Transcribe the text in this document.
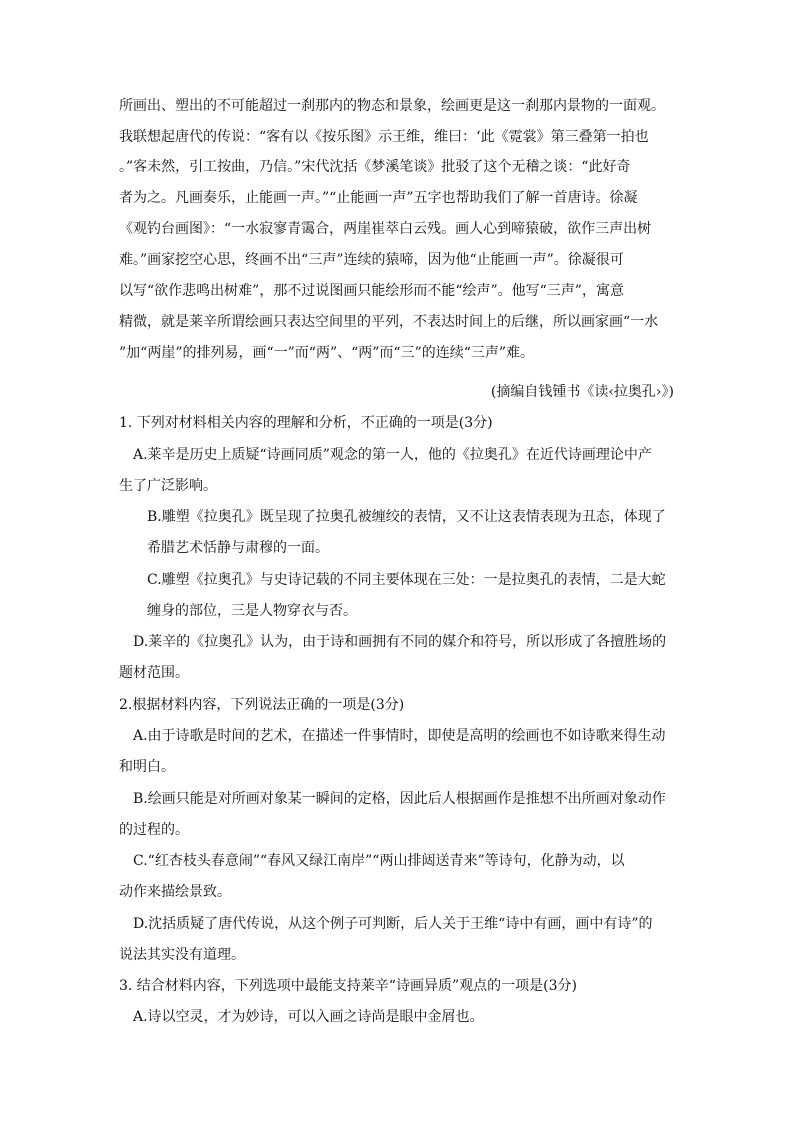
所画出、塑出的不可能超过一刹那内的物态和景象，绘画更是这一刹那内景物的一面观。
我联想起唐代的传说：“客有以《按乐图》示王维，维曰：‘此《霓裳》第三叠第一拍也
。”客未然，引工按曲，乃信。”宋代沈括《梦溪笔谈》批驳了这个无稽之谈：“此好奇
者为之。凡画奏乐，止能画一声。”“止能画一声”五字也帮助我们了解一首唐诗。徐凝
《观钓台画图》：“一水寂寥青霭合，两崖崔萃白云残。画人心到啼猿破，欲作三声出树
难。”画家挖空心思，终画不出“三声”连续的猿啼，因为他“止能画一声”。徐凝很可
以写“欲作悲鸣出树难”，那不过说图画只能绘形而不能“绘声”。他写“三声”，寓意
精微，就是莱辛所谓绘画只表达空间里的平列，不表达时间上的后继，所以画家画“一水
”加“两崖”的排列易，画“一”而“两”、“两”而“三”的连续“三声”难。
(摘编自钱锺书《读‹拉奥孔›》)
1. 下列对材料相关内容的理解和分析，不正确的一项是(3分)
A.莱辛是历史上质疑“诗画同质”观念的第一人，他的《拉奥孔》在近代诗画理论中产
生了广泛影响。
B.雕塑《拉奥孔》既呈现了拉奥孔被缠绞的表情，又不让这表情表现为丑态，体现了
希腊艺术恬静与肃穆的一面。
C.雕塑《拉奥孔》与史诗记载的不同主要体现在三处：一是拉奥孔的表情，二是大蛇
缠身的部位，三是人物穿衣与否。
D.莱辛的《拉奥孔》认为，由于诗和画拥有不同的媒介和符号，所以形成了各擅胜场的
题材范围。
2.根据材料内容，下列说法正确的一项是(3分)
A.由于诗歌是时间的艺术，在描述一件事情时，即使是高明的绘画也不如诗歌来得生动
和明白。
B.绘画只能是对所画对象某一瞬间的定格，因此后人根据画作是推想不出所画对象动作
的过程的。
C.“红杏枝头春意闹”“春风又绿江南岸”“两山排闼送青来”等诗句，化静为动，以
动作来描绘景致。
D.沈括质疑了唐代传说，从这个例子可判断，后人关于王维“诗中有画，画中有诗”的
说法其实没有道理。
3. 结合材料内容，下列选项中最能支持莱辛“诗画异质”观点的一项是(3分)
A.诗以空灵，才为妙诗，可以入画之诗尚是眼中金屑也。
